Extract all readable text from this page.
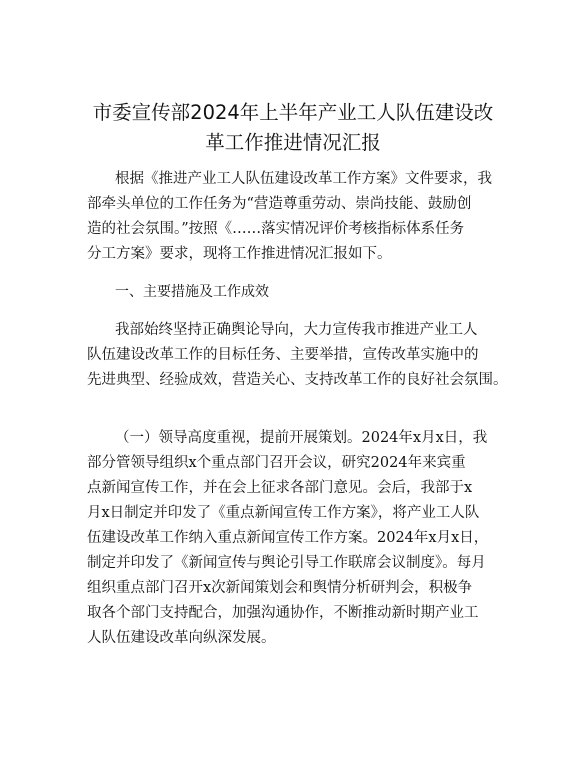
市委宣传部2024年上半年产业工人队伍建设改
革工作推进情况汇报
根据《推进产业工人队伍建设改革工作方案》文件要求，我
部牵头单位的工作任务为“营造尊重劳动、崇尚技能、鼓励创
造的社会氛围。”按照《……落实情况评价考核指标体系任务
分工方案》要求，现将工作推进情况汇报如下。
一、主要措施及工作成效
我部始终坚持正确舆论导向，大力宣传我市推进产业工人
队伍建设改革工作的目标任务、主要举措，宣传改革实施中的
先进典型、经验成效，营造关心、支持改革工作的良好社会氛围。
（一）领导高度重视，提前开展策划。2024年x月x日，我
部分管领导组织x个重点部门召开会议，研究2024年来宾重
点新闻宣传工作，并在会上征求各部门意见。会后，我部于x
月x日制定并印发了《重点新闻宣传工作方案》，将产业工人队
伍建设改革工作纳入重点新闻宣传工作方案。2024年x月x日，
制定并印发了《新闻宣传与舆论引导工作联席会议制度》。每月
组织重点部门召开x次新闻策划会和舆情分析研判会，积极争
取各个部门支持配合，加强沟通协作，不断推动新时期产业工
人队伍建设改革向纵深发展。
